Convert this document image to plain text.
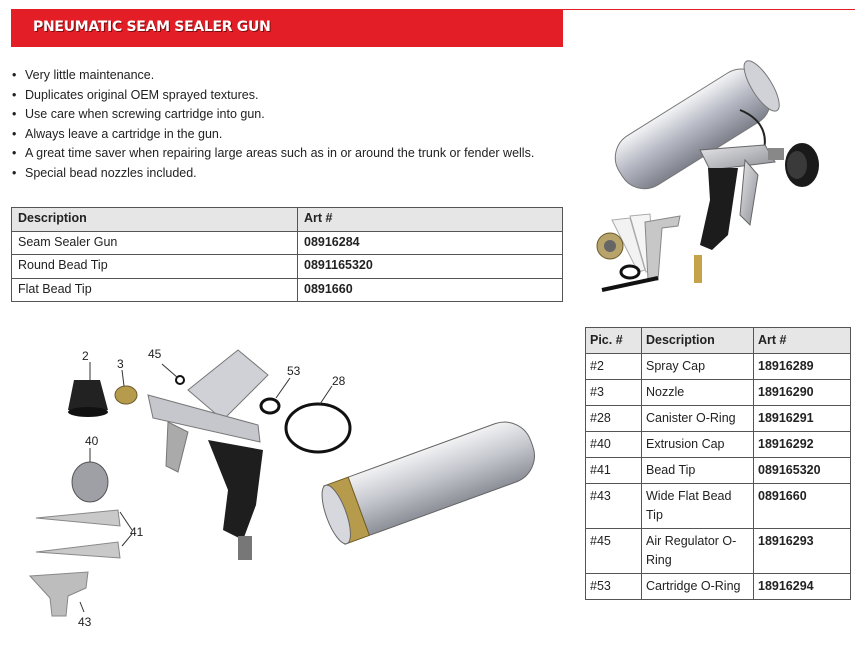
PNEUMATIC SEAM SEALER GUN
• Very little maintenance.
• Duplicates original OEM sprayed textures.
• Use care when screwing cartridge into gun.
• Always leave a cartridge in the gun.
• A great time saver when repairing large areas such as in or around the trunk or fender wells.
• Special bead nozzles included.
Description	Art #
Seam Sealer Gun	08916284
Round Bead Tip	0891165320
Flat Bead Tip	0891660
2
3
45
53
28
40
41
43
Pic. #	Description	Art #
#2	Spray Cap	18916289
#3	Nozzle	18916290
#28	Canister O-Ring	18916291
#40	Extrusion Cap	18916292
#41	Bead Tip	089165320
#43	Wide Flat Bead Tip	0891660
#45	Air Regulator O-Ring	18916293
#53	Cartridge O-Ring	18916294
